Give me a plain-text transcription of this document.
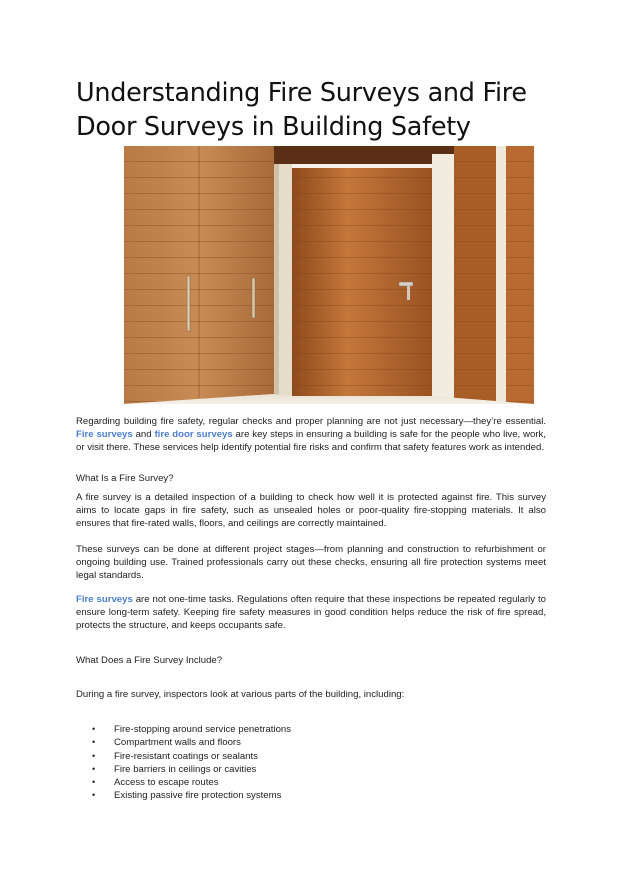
Understanding Fire Surveys and Fire Door Surveys in Building Safety

Regarding building fire safety, regular checks and proper planning are not just necessary—they’re essential. Fire surveys and fire door surveys are key steps in ensuring a building is safe for the people who live, work, or visit there. These services help identify potential fire risks and confirm that safety features work as intended.

What Is a Fire Survey?

A fire survey is a detailed inspection of a building to check how well it is protected against fire. This survey aims to locate gaps in fire safety, such as unsealed holes or poor-quality fire-stopping materials. It also ensures that fire-rated walls, floors, and ceilings are correctly maintained.

These surveys can be done at different project stages—from planning and construction to refurbishment or ongoing building use. Trained professionals carry out these checks, ensuring all fire protection systems meet legal standards.

Fire surveys are not one-time tasks. Regulations often require that these inspections be repeated regularly to ensure long-term safety. Keeping fire safety measures in good condition helps reduce the risk of fire spread, protects the structure, and keeps occupants safe.

What Does a Fire Survey Include?

During a fire survey, inspectors look at various parts of the building, including:

• Fire-stopping around service penetrations
• Compartment walls and floors
• Fire-resistant coatings or sealants
• Fire barriers in ceilings or cavities
• Access to escape routes
• Existing passive fire protection systems
